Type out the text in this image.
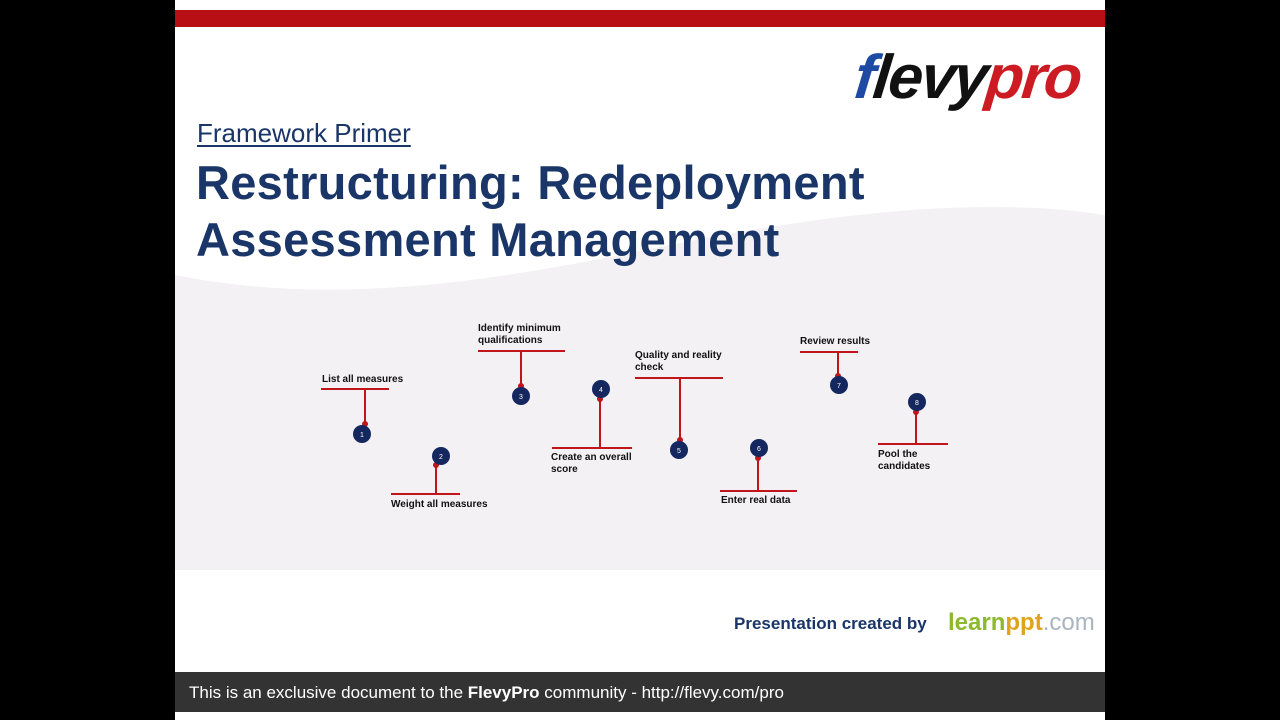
flevypro
Framework Primer
Restructuring: Redeployment
Assessment Management
1
2
3
4
5	6
7
8
List all measures
Weight all measures
Identify minimum qualifications
Create an overall score
Quality and reality check
Enter real data
Review results
Pool the candidates
Presentation created by learnppt.com
This is an exclusive document to the FlevyPro community - http://flevy.com/pro
